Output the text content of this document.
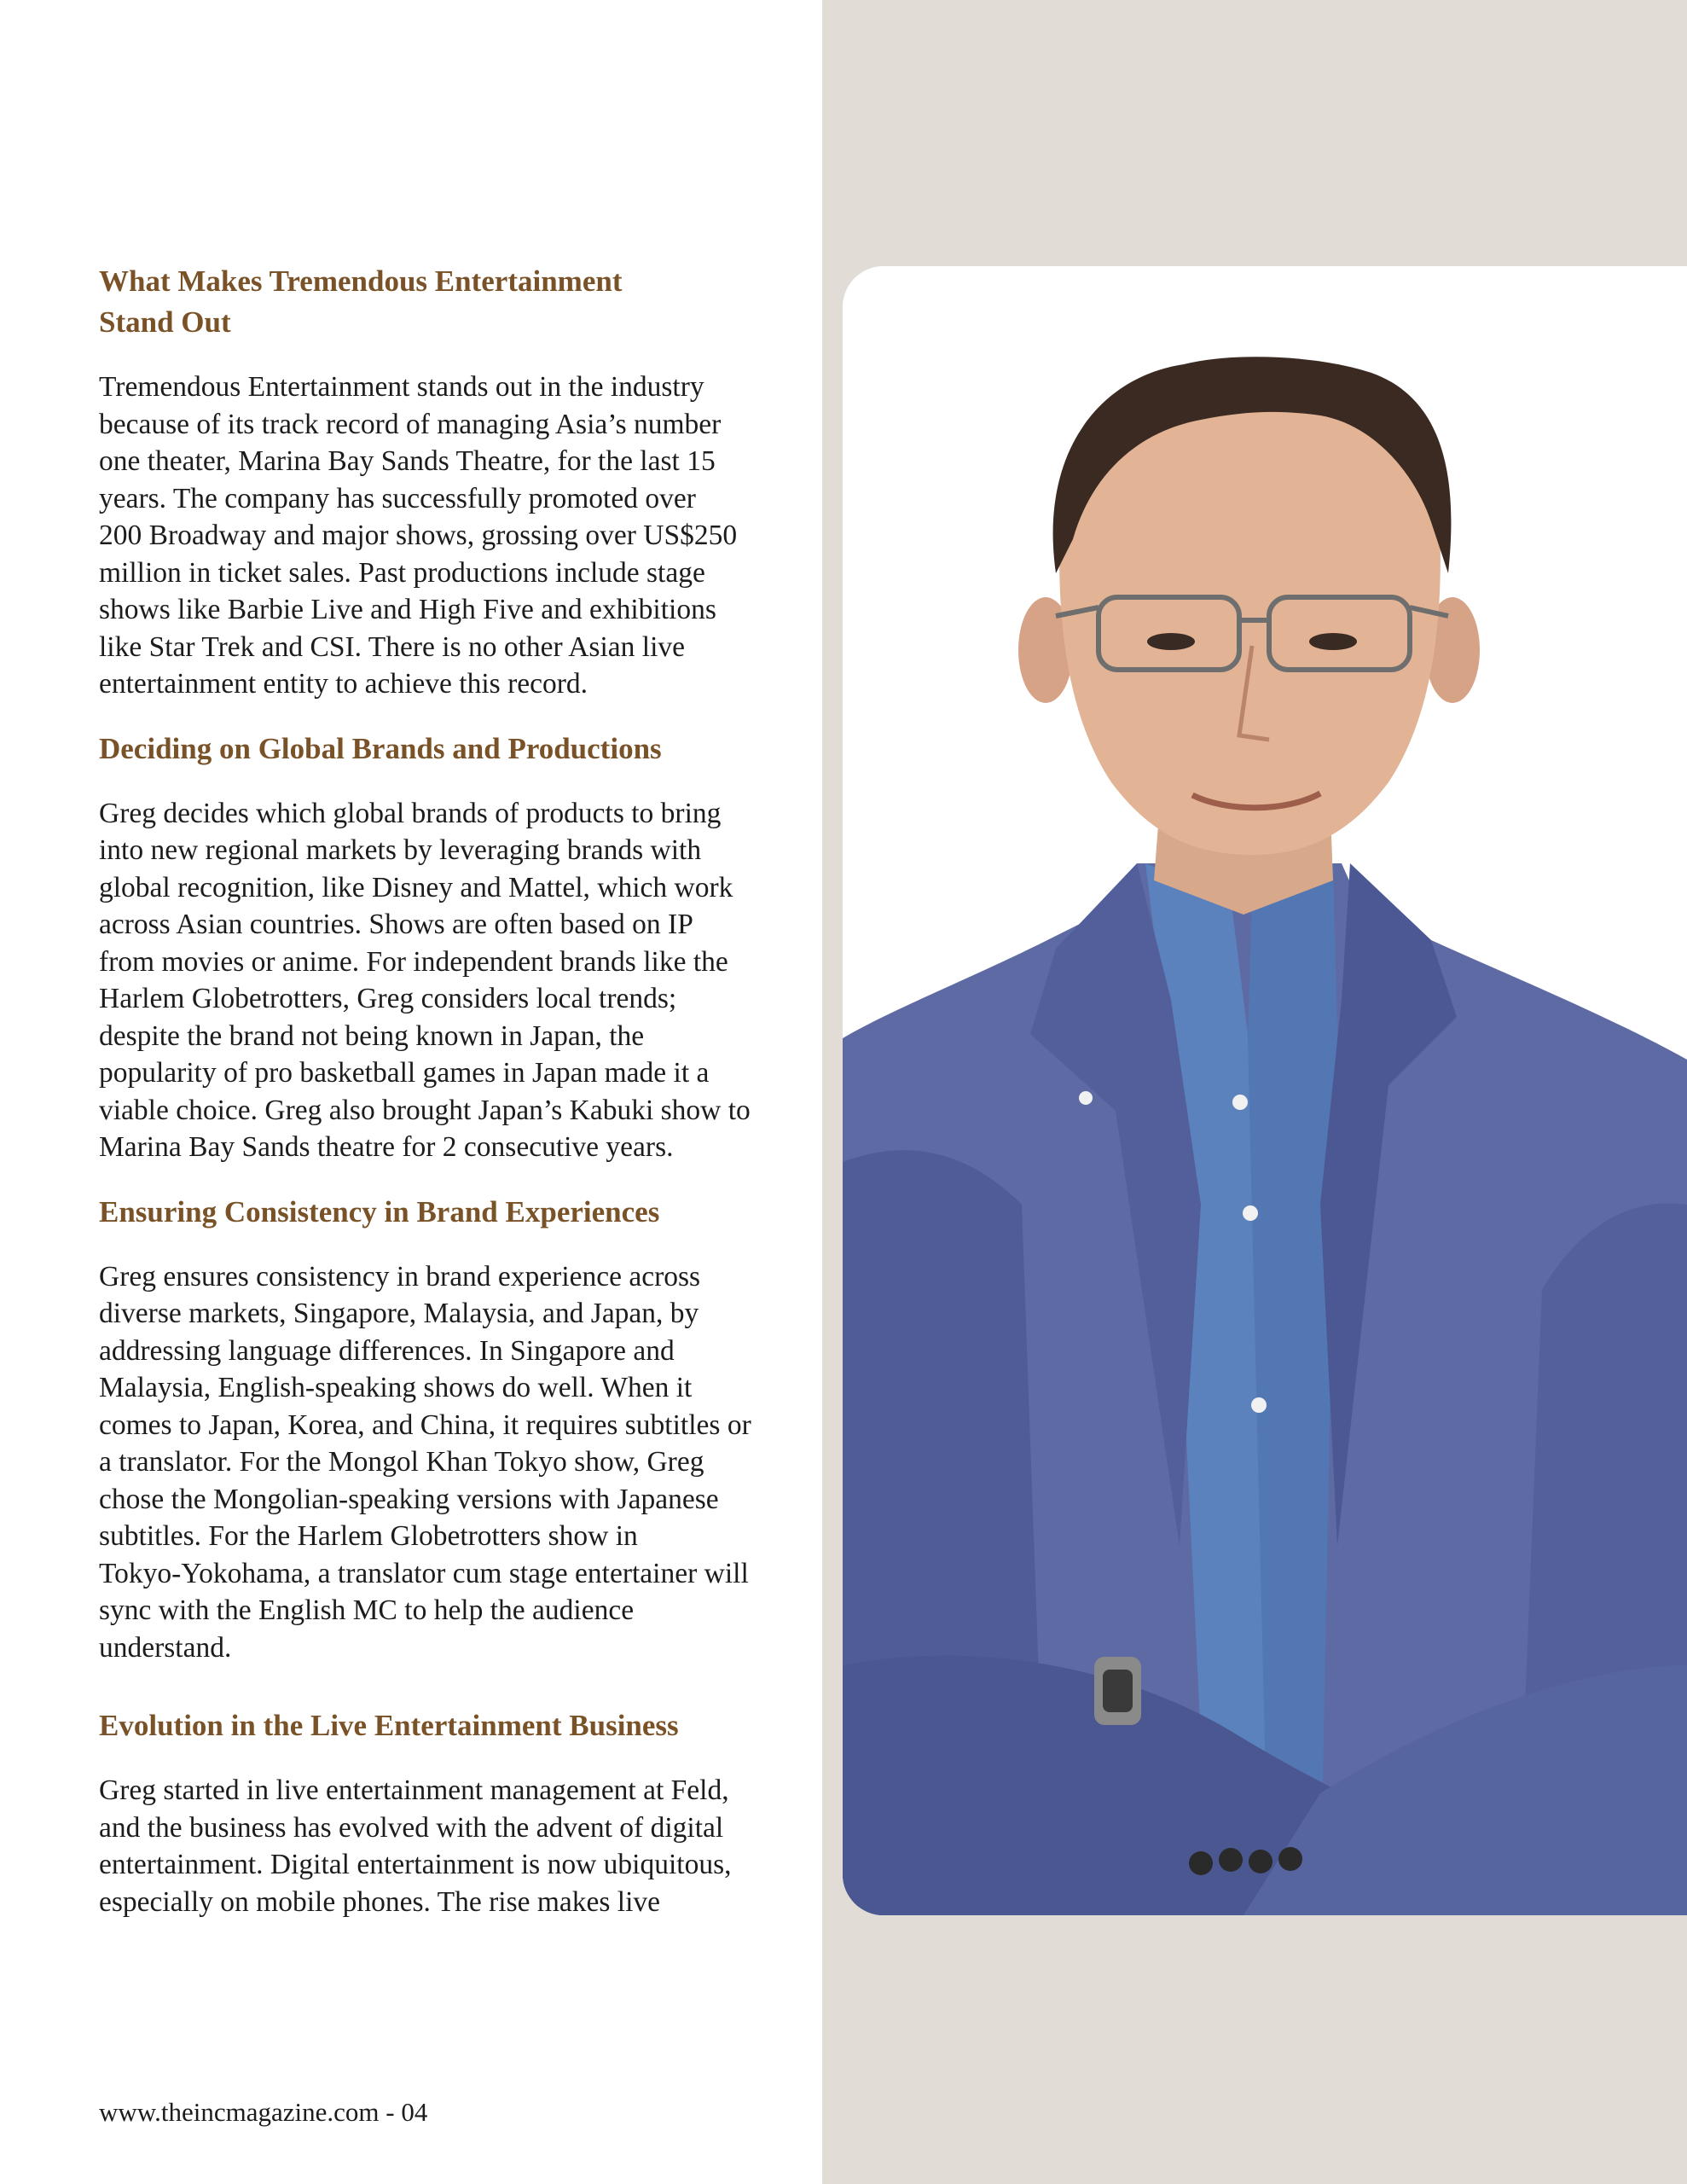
What Makes Tremendous Entertainment
Stand Out

Tremendous Entertainment stands out in the industry
because of its track record of managing Asia’s number
one theater, Marina Bay Sands Theatre, for the last 15
years. The company has successfully promoted over
200 Broadway and major shows, grossing over US$250
million in ticket sales. Past productions include stage
shows like Barbie Live and High Five and exhibitions
like Star Trek and CSI. There is no other Asian live
entertainment entity to achieve this record.

Deciding on Global Brands and Productions

Greg decides which global brands of products to bring
into new regional markets by leveraging brands with
global recognition, like Disney and Mattel, which work
across Asian countries. Shows are often based on IP
from movies or anime. For independent brands like the
Harlem Globetrotters, Greg considers local trends;
despite the brand not being known in Japan, the
popularity of pro basketball games in Japan made it a
viable choice. Greg also brought Japan’s Kabuki show to
Marina Bay Sands theatre for 2 consecutive years.

Ensuring Consistency in Brand Experiences

Greg ensures consistency in brand experience across
diverse markets, Singapore, Malaysia, and Japan, by
addressing language differences. In Singapore and
Malaysia, English-speaking shows do well. When it
comes to Japan, Korea, and China, it requires subtitles or
a translator. For the Mongol Khan Tokyo show, Greg
chose the Mongolian-speaking versions with Japanese
subtitles. For the Harlem Globetrotters show in
Tokyo-Yokohama, a translator cum stage entertainer will
sync with the English MC to help the audience
understand.

Evolution in the Live Entertainment Business

Greg started in live entertainment management at Feld,
and the business has evolved with the advent of digital
entertainment. Digital entertainment is now ubiquitous,
especially on mobile phones. The rise makes live

www.theincmagazine.com - 04
